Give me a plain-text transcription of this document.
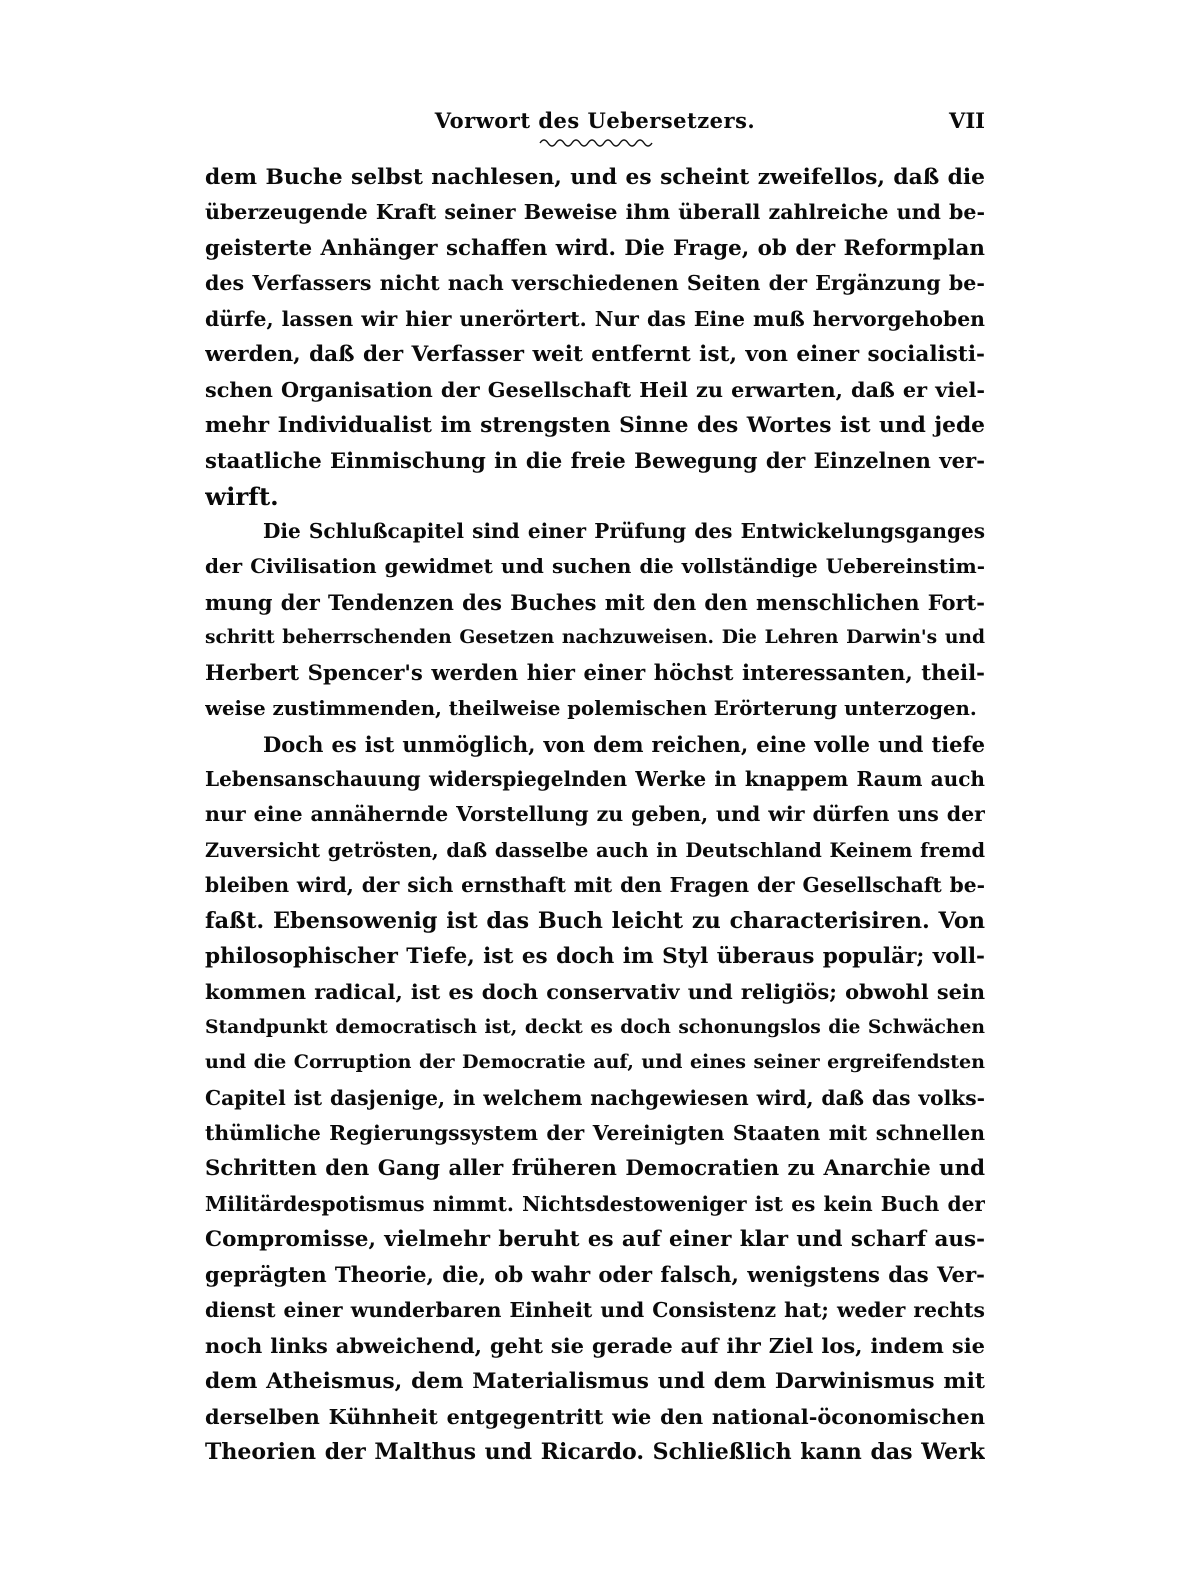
Vorwort des Uebersetzers.	VII
dem Buche selbst nachlesen, und es scheint zweifellos, daß die
überzeugende Kraft seiner Beweise ihm überall zahlreiche und be-
geisterte Anhänger schaffen wird. Die Frage, ob der Reformplan
des Verfassers nicht nach verschiedenen Seiten der Ergänzung be-
dürfe, lassen wir hier unerörtert. Nur das Eine muß hervorgehoben
werden, daß der Verfasser weit entfernt ist, von einer socialisti-
schen Organisation der Gesellschaft Heil zu erwarten, daß er viel-
mehr Individualist im strengsten Sinne des Wortes ist und jede
staatliche Einmischung in die freie Bewegung der Einzelnen ver-
wirft.
Die Schlußcapitel sind einer Prüfung des Entwickelungsganges
der Civilisation gewidmet und suchen die vollständige Uebereinstim-
mung der Tendenzen des Buches mit den den menschlichen Fort-
schritt beherrschenden Gesetzen nachzuweisen. Die Lehren Darwin's und
Herbert Spencer's werden hier einer höchst interessanten, theil-
weise zustimmenden, theilweise polemischen Erörterung unterzogen.
Doch es ist unmöglich, von dem reichen, eine volle und tiefe
Lebensanschauung widerspiegelnden Werke in knappem Raum auch
nur eine annähernde Vorstellung zu geben, und wir dürfen uns der
Zuversicht getrösten, daß dasselbe auch in Deutschland Keinem fremd
bleiben wird, der sich ernsthaft mit den Fragen der Gesellschaft be-
faßt. Ebensowenig ist das Buch leicht zu characterisiren. Von
philosophischer Tiefe, ist es doch im Styl überaus populär; voll-
kommen radical, ist es doch conservativ und religiös; obwohl sein
Standpunkt democratisch ist, deckt es doch schonungslos die Schwächen
und die Corruption der Democratie auf, und eines seiner ergreifendsten
Capitel ist dasjenige, in welchem nachgewiesen wird, daß das volks-
thümliche Regierungssystem der Vereinigten Staaten mit schnellen
Schritten den Gang aller früheren Democratien zu Anarchie und
Militärdespotismus nimmt. Nichtsdestoweniger ist es kein Buch der
Compromisse, vielmehr beruht es auf einer klar und scharf aus-
geprägten Theorie, die, ob wahr oder falsch, wenigstens das Ver-
dienst einer wunderbaren Einheit und Consistenz hat; weder rechts
noch links abweichend, geht sie gerade auf ihr Ziel los, indem sie
dem Atheismus, dem Materialismus und dem Darwinismus mit
derselben Kühnheit entgegentritt wie den national-öconomischen
Theorien der Malthus und Ricardo. Schließlich kann das Werk
